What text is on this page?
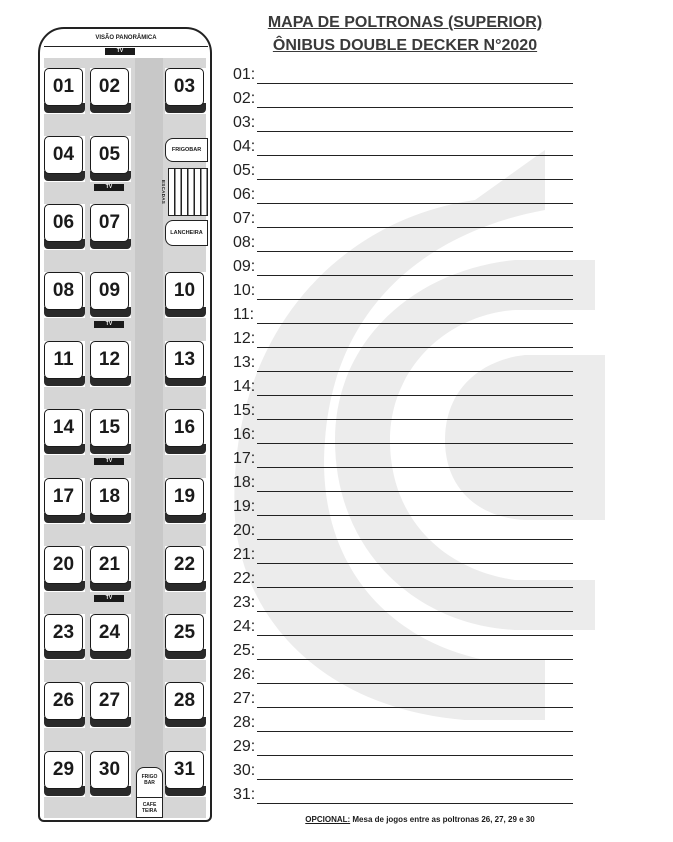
MAPA DE POLTRONAS (SUPERIOR)
ÔNIBUS DOUBLE DECKER N°2020
VISÃO PANORÂMICA
TV
01	02	03
04	05
06	07
08	09	10
11	12	13
14	15	16
17	18	19
20	21	22
23	24	25
26	27	28
29	30	31
FRIGOBAR
ESCADAS
LANCHEIRA
TV
TV
TV
TV
FRIGO BAR
CAFE TEIRA
01:
02:
03:
04:
05:
06:
07:
08:
09:
10:
11:
12:
13:
14:
15:
16:
17:
18:
19:
20:
21:
22:
23:
24:
25:
26:
27:
28:
29:
30:
31:
OPCIONAL: Mesa de jogos entre as poltronas 26, 27, 29 e 30
